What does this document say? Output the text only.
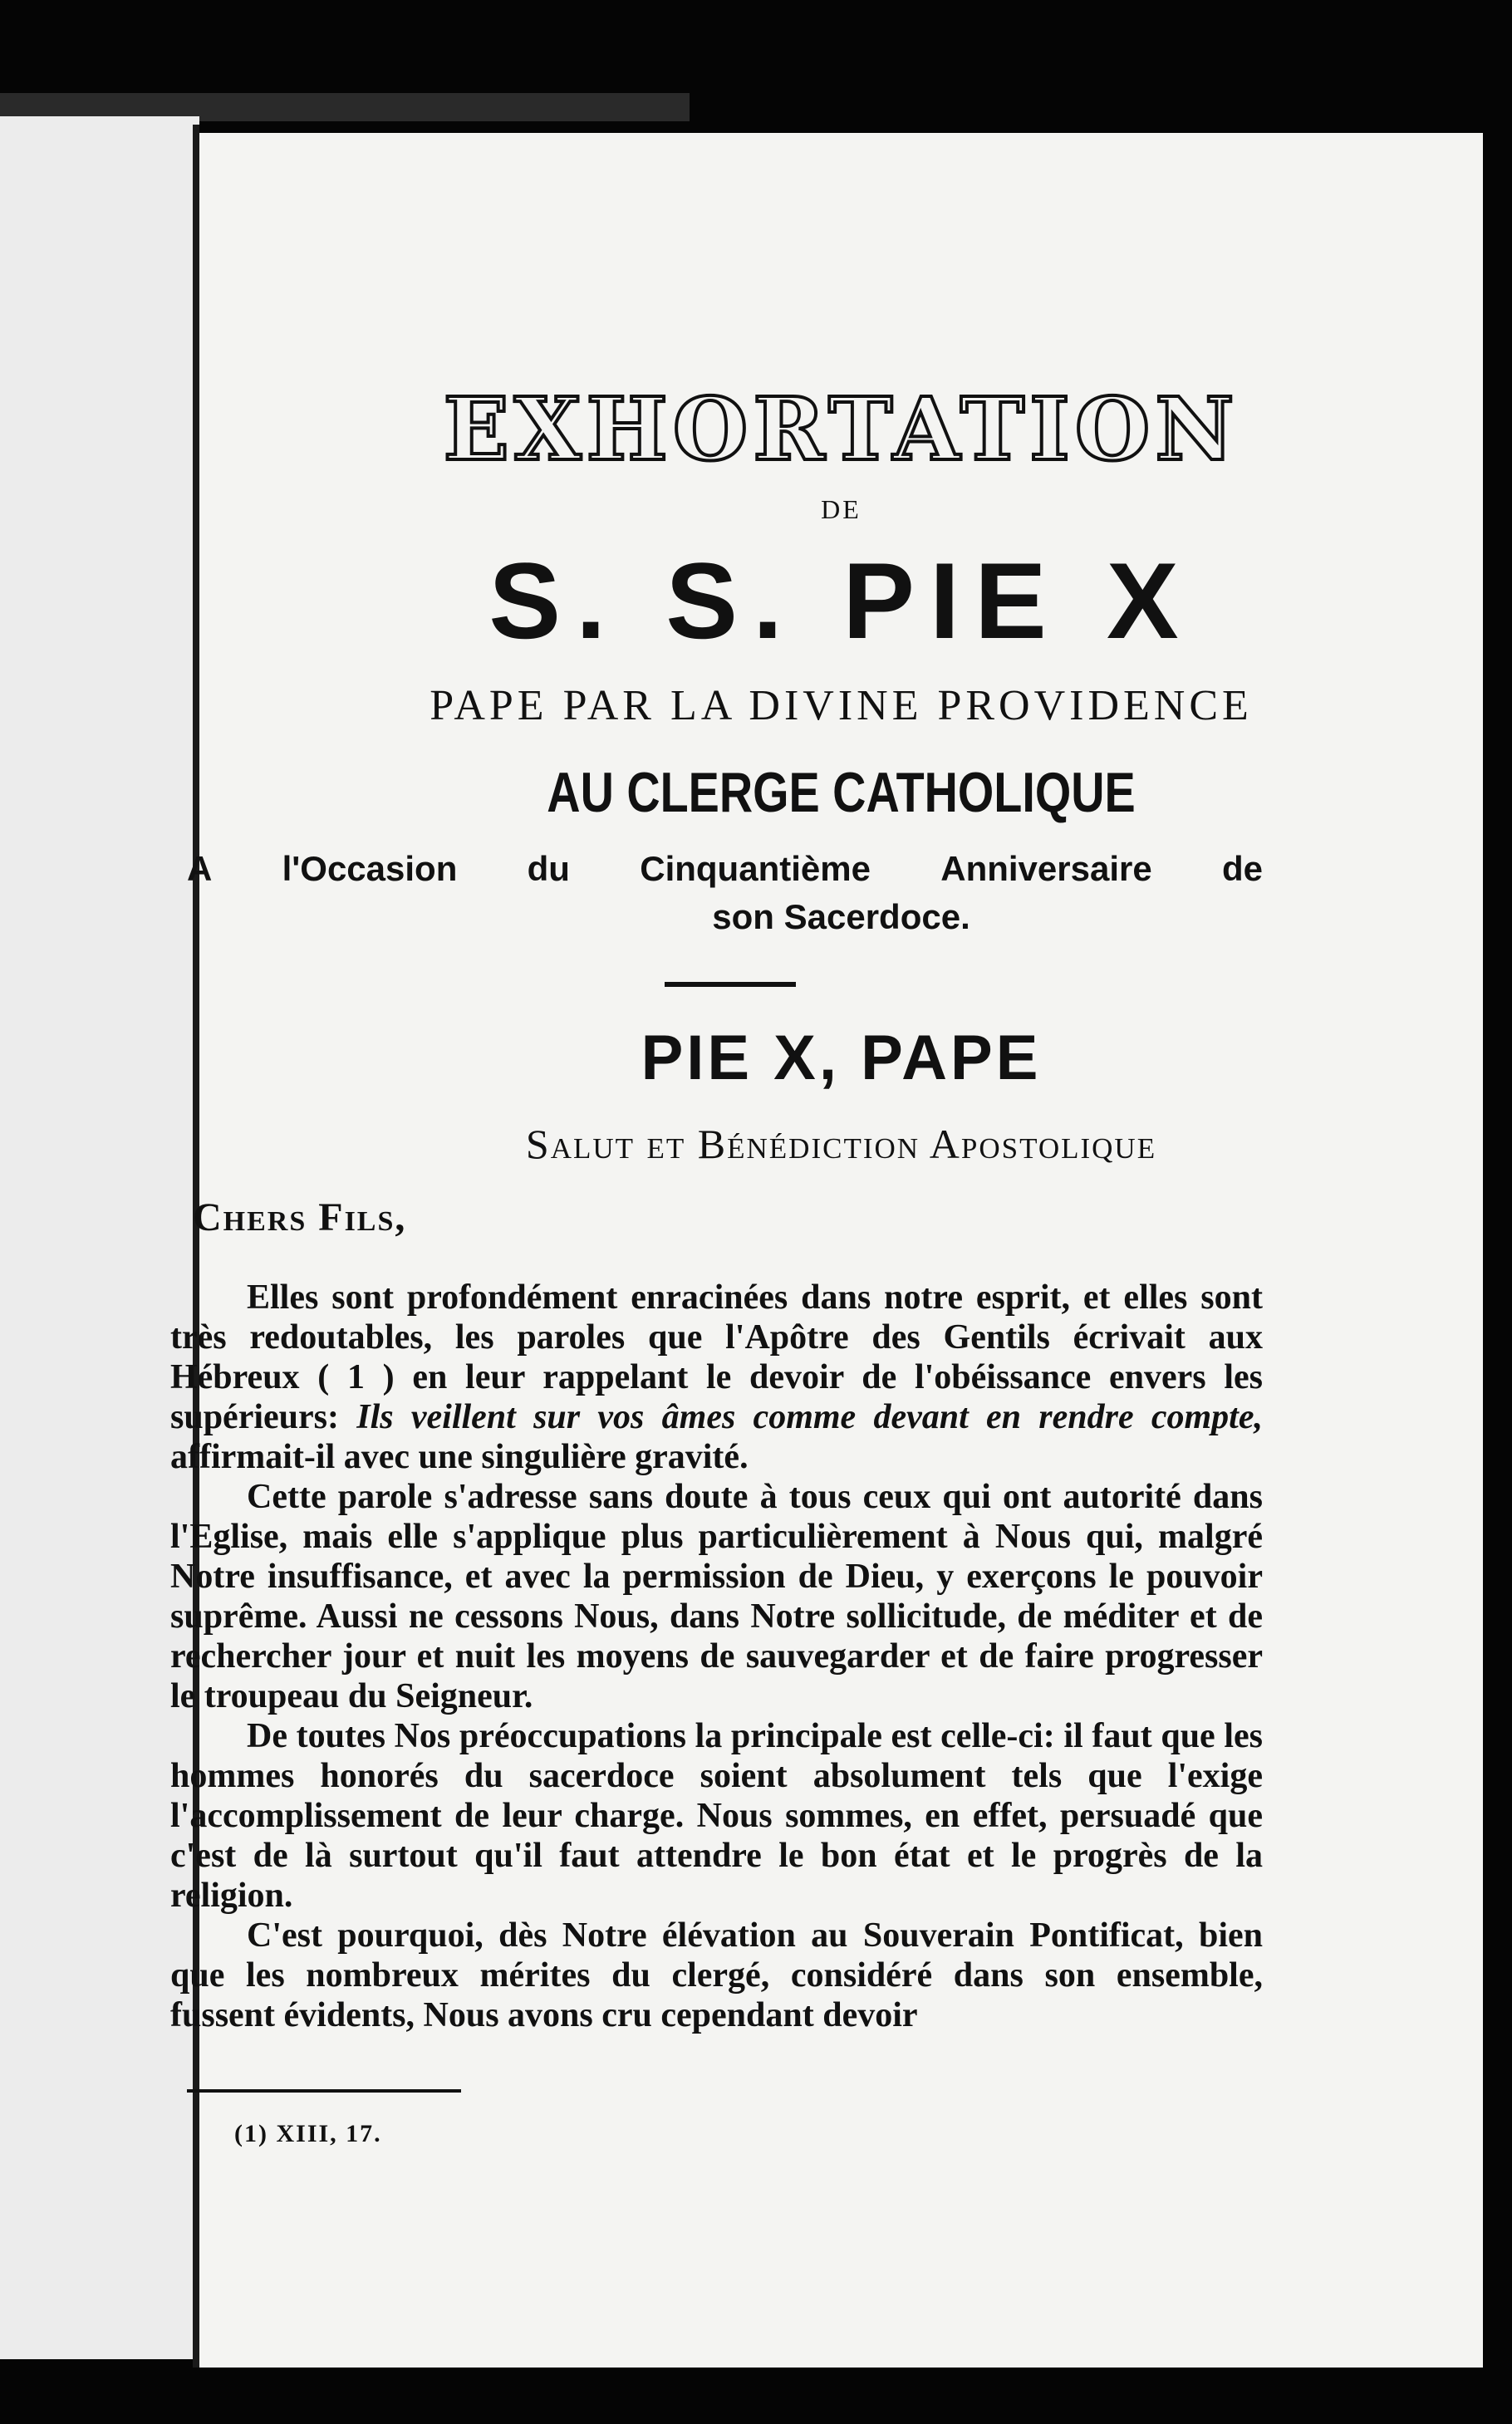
EXHORTATION
DE
S. S. PIE X
PAPE PAR LA DIVINE PROVIDENCE
AU CLERGE CATHOLIQUE
A l'Occasion du Cinquantième Anniversaire de
son Sacerdoce.
PIE X, PAPE
Salut et Bénédiction Apostolique
Chers Fils,

Elles sont profondément enracinées dans notre esprit, et elles sont très redoutables, les paroles que l'Apôtre des Gentils écrivait aux Hébreux ( 1 ) en leur rappelant le devoir de l'obéissance envers les supérieurs: Ils veillent sur vos âmes comme devant en rendre compte, affirmait-il avec une singulière gravité.

Cette parole s'adresse sans doute à tous ceux qui ont autorité dans l'Eglise, mais elle s'applique plus particulièrement à Nous qui, malgré Notre insuffisance, et avec la permission de Dieu, y exerçons le pouvoir suprême. Aussi ne cessons Nous, dans Notre sollicitude, de méditer et de rechercher jour et nuit les moyens de sauvegarder et de faire progresser le troupeau du Seigneur.

De toutes Nos préoccupations la principale est celle-ci: il faut que les hommes honorés du sacerdoce soient absolument tels que l'exige l'accomplissement de leur charge. Nous sommes, en effet, persuadé que c'est de là surtout qu'il faut attendre le bon état et le progrès de la religion.

C'est pourquoi, dès Notre élévation au Souverain Pontificat, bien que les nombreux mérites du clergé, considéré dans son ensemble, fussent évidents, Nous avons cru cependant devoir

(1) XIII, 17.
